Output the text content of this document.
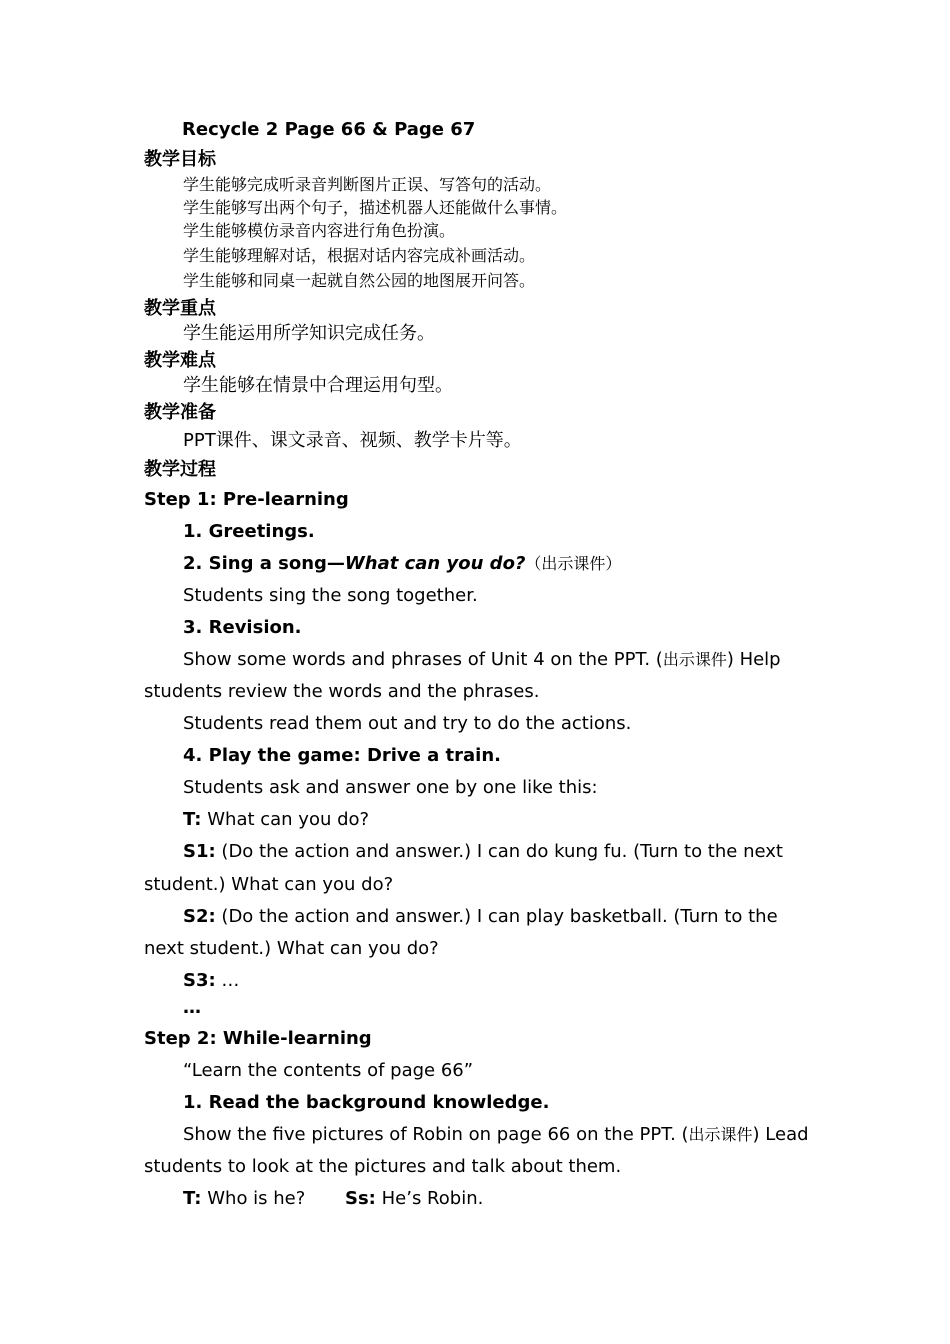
Recycle 2 Page 66 & Page 67
教学目标
学生能够完成听录音判断图片正误、写答句的活动。
学生能够写出两个句子，描述机器人还能做什么事情。
学生能够模仿录音内容进行角色扮演。
学生能够理解对话，根据对话内容完成补画活动。
学生能够和同桌一起就自然公园的地图展开问答。
教学重点
学生能运用所学知识完成任务。
教学难点
学生能够在情景中合理运用句型。
教学准备
PPT课件、课文录音、视频、教学卡片等。
教学过程
Step 1: Pre-learning
1. Greetings.
2. Sing a song—What can you do?（出示课件）
Students sing the song together.
3. Revision.
Show some words and phrases of Unit 4 on the PPT. (出示课件) Help
students review the words and the phrases.
Students read them out and try to do the actions.
4. Play the game: Drive a train.
Students ask and answer one by one like this:
T: What can you do?
S1: (Do the action and answer.) I can do kung fu. (Turn to the next
student.) What can you do?
S2: (Do the action and answer.) I can play basketball. (Turn to the
next student.) What can you do?
S3: …
…
Step 2: While-learning
“Learn the contents of page 66”
1. Read the background knowledge.
Show the five pictures of Robin on page 66 on the PPT. (出示课件) Lead
students to look at the pictures and talk about them.
T: Who is he? Ss: He’s Robin.
